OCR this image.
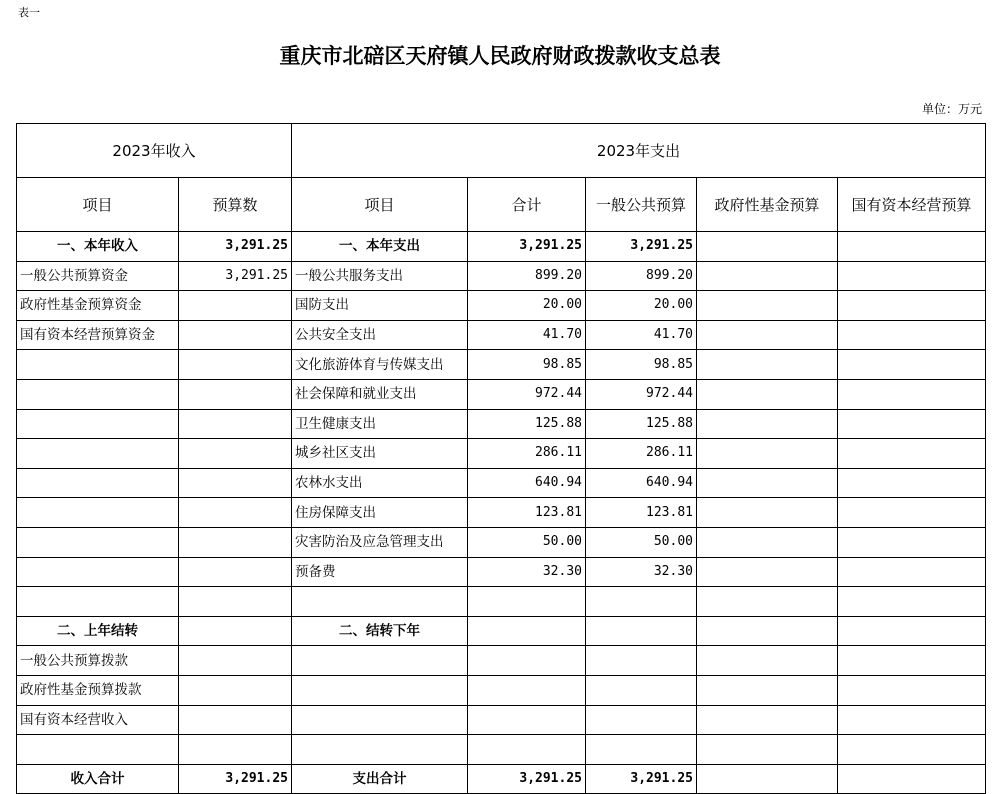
表一
重庆市北碚区天府镇人民政府财政拨款收支总表
单位：万元
2023年收入		2023年支出				
项目	预算数	项目	合计	一般公共预算	政府性基金预算	国有资本经营预算
一、本年收入	3,291.25	一、本年支出	3,291.25	3,291.25		
一般公共预算资金	3,291.25	一般公共服务支出	899.20	899.20		
政府性基金预算资金		国防支出	20.00	20.00		
国有资本经营预算资金		公共安全支出	41.70	41.70		
		文化旅游体育与传媒支出	98.85	98.85		
		社会保障和就业支出	972.44	972.44		
		卫生健康支出	125.88	125.88		
		城乡社区支出	286.11	286.11		
		农林水支出	640.94	640.94		
		住房保障支出	123.81	123.81		
		灾害防治及应急管理支出	50.00	50.00		
		预备费	32.30	32.30		

二、上年结转		二、结转下年				
一般公共预算拨款						
政府性基金预算拨款						
国有资本经营收入						

收入合计	3,291.25	支出合计	3,291.25	3,291.25		
